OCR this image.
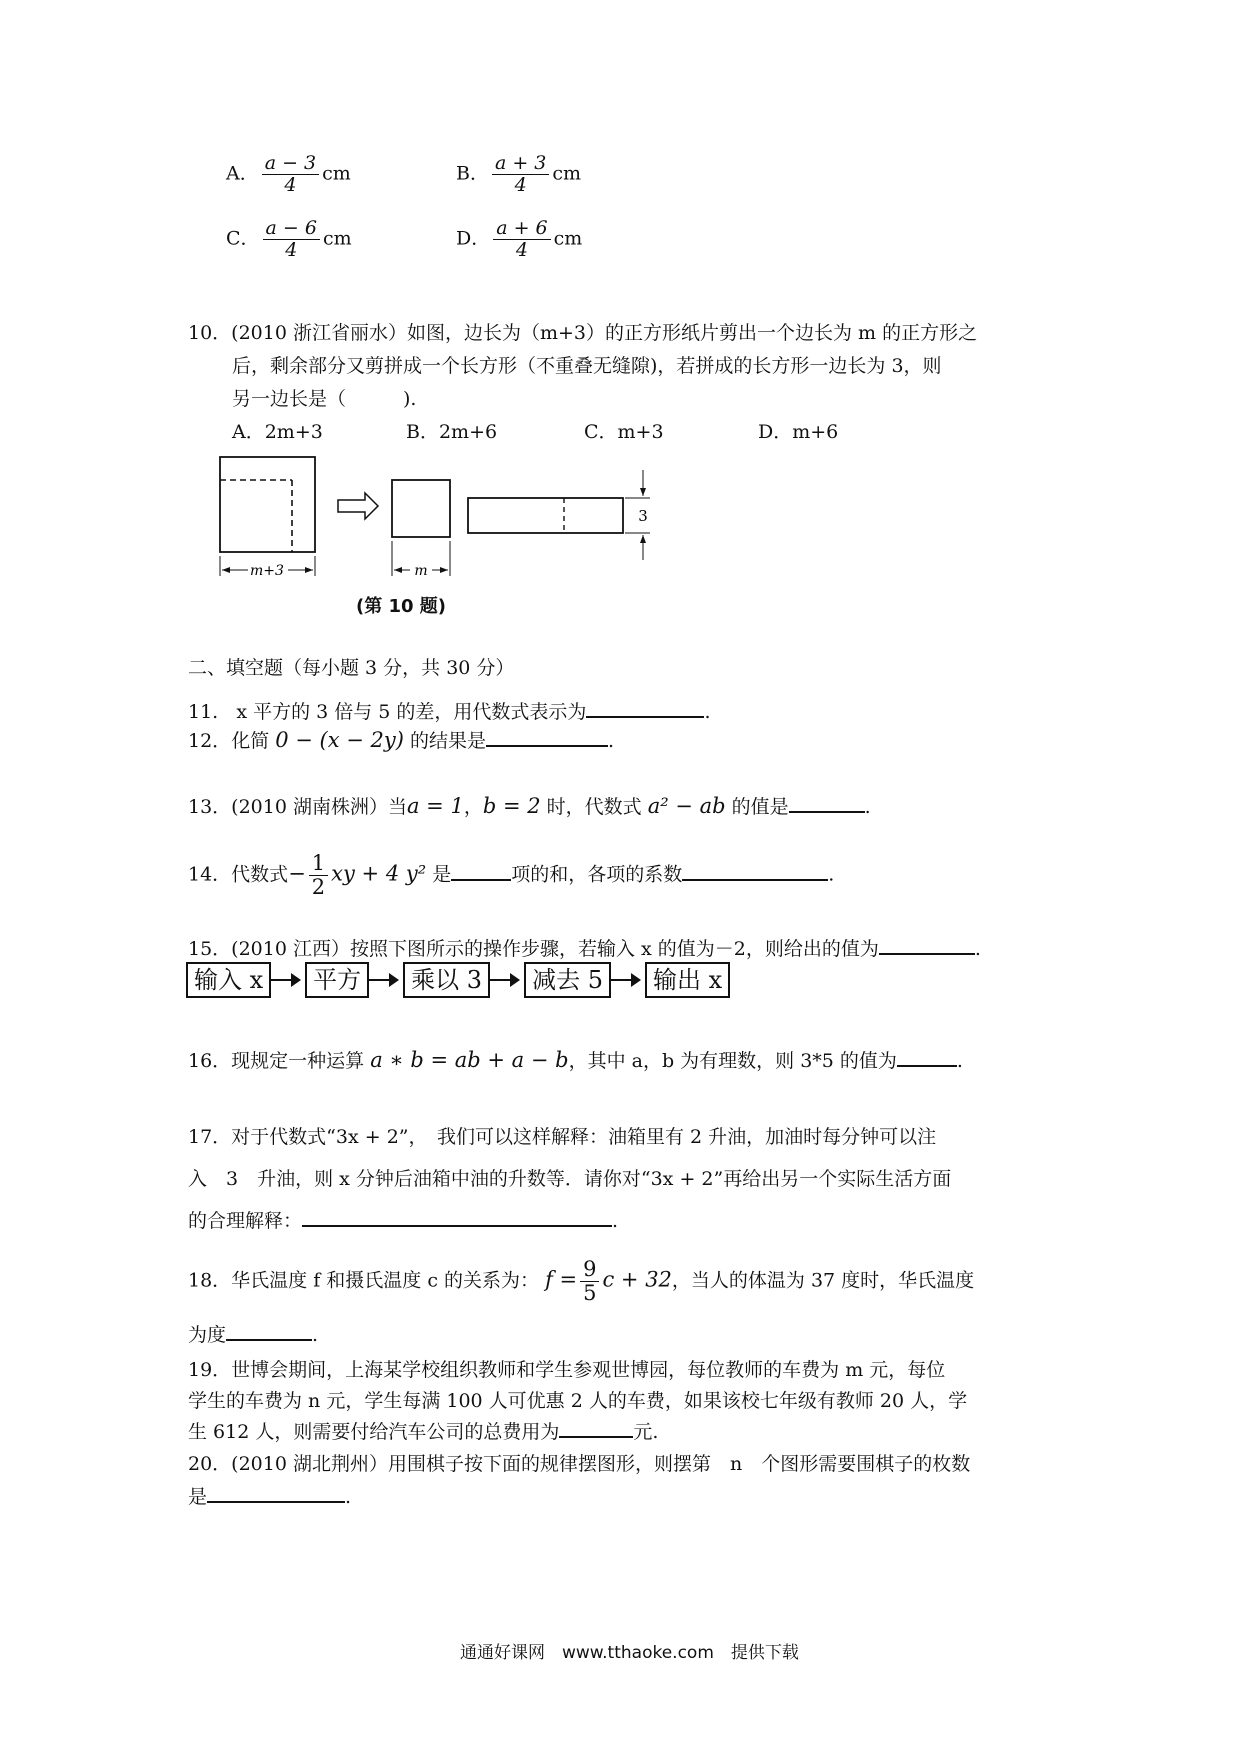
A． $\frac{a - 3}{4}$ cm	B． $\frac{a + 3}{4}$ cm
C． $\frac{a - 6}{4}$ cm	D． $\frac{a + 6}{4}$ cm
10．(2010 浙江省丽水）如图，边长为（m+3）的正方形纸片剪出一个边长为 m 的正方形之
后，剩余部分又剪拼成一个长方形（不重叠无缝隙)，若拼成的长方形一边长为 3，则
另一边长是（　　　).
A．2m+3	B．2m+6	C．m+3	D．m+6
m+3	m
3
(第 10 题)
二、填空题（每小题 3 分，共 30 分）
11. x 平方的 3 倍与 5 的差，用代数式表示为	.
12．化简 0 − (x − 2y) 的结果是	.
13．(2010 湖南株洲）当a = 1，b = 2 时，代数式 a² − ab 的值是	.
14．代数式− $\frac{1}{2}$ xy + 4 y² 是	项的和，各项的系数	.
15．(2010 江西）按照下图所示的操作步骤，若输入 x 的值为－2，则给出的值为	.
输入 x	平方	乘以 3	减去 5	输出 x
16．现规定一种运算 a ∗ b = ab + a − b，其中 a，b 为有理数，则 3*5 的值为	.
17．对于代数式“3x + 2”，　我们可以这样解释：油箱里有 2 升油，加油时每分钟可以注
入　3　升油，则 x 分钟后油箱中油的升数等．请你对“3x + 2”再给出另一个实际生活方面
的合理解释：	.
18．华氏温度 f 和摄氏温度 c 的关系为： $f = \frac{9}{5}$ c + 32，当人的体温为 37 度时，华氏温度
为度	.
19．世博会期间，上海某学校组织教师和学生参观世博园，每位教师的车费为 m 元，每位
学生的车费为 n 元，学生每满 100 人可优惠 2 人的车费，如果该校七年级有教师 20 人，学
生 612 人，则需要付给汽车公司的总费用为	元.
20．(2010 湖北荆州）用围棋子按下面的规律摆图形，则摆第　n　个图形需要围棋子的枚数
是	.
通通好课网　www.tthaoke.com　提供下载
